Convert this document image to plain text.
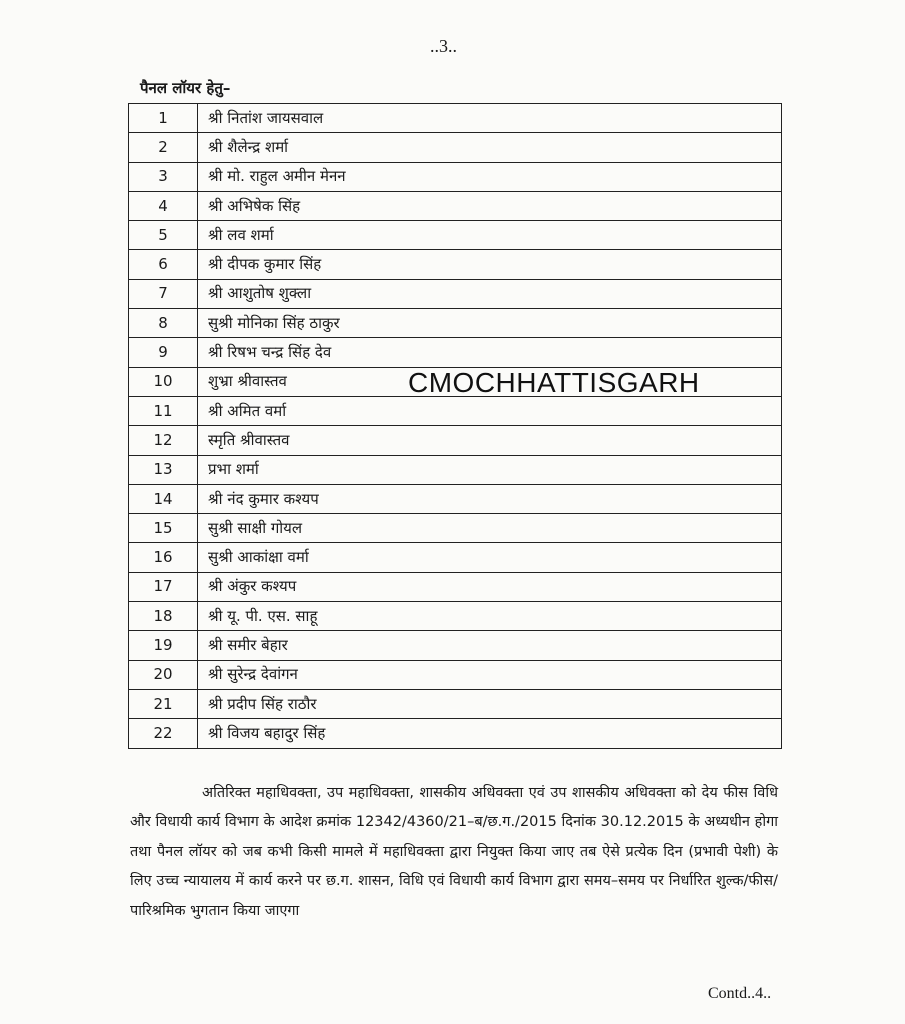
..3..
पैनल लॉयर हेतु–
1	श्री नितांश जायसवाल
2	श्री शैलेन्द्र शर्मा
3	श्री मो. राहुल अमीन मेनन
4	श्री अभिषेक सिंह
5	श्री लव शर्मा
6	श्री दीपक कुमार सिंह
7	श्री आशुतोष शुक्ला
8	सुश्री मोनिका सिंह ठाकुर
9	श्री रिषभ चन्द्र सिंह देव
10	शुभ्रा श्रीवास्तव
11	श्री अमित वर्मा
12	स्मृति श्रीवास्तव
13	प्रभा शर्मा
14	श्री नंद कुमार कश्यप
15	सुश्री साक्षी गोयल
16	सुश्री आकांक्षा वर्मा
17	श्री अंकुर कश्यप
18	श्री यू. पी. एस. साहू
19	श्री समीर बेहार
20	श्री सुरेन्द्र देवांगन
21	श्री प्रदीप सिंह राठौर
22	श्री विजय बहादुर सिंह
CMOCHHATTISGARH

अतिरिक्त महाधिवक्ता, उप महाधिवक्ता, शासकीय अधिवक्ता एवं उप शासकीय अधिवक्ता को देय फीस विधि और विधायी कार्य विभाग के आदेश क्रमांक 12342/4360/21–ब/छ.ग./2015 दिनांक 30.12.2015 के अध्यधीन होगा तथा पैनल लॉयर को जब कभी किसी मामले में महाधिवक्ता द्वारा नियुक्त किया जाए तब ऐसे प्रत्येक दिन (प्रभावी पेशी) के लिए उच्च न्यायालय में कार्य करने पर छ.ग. शासन, विधि एवं विधायी कार्य विभाग द्वारा समय–समय पर निर्धारित शुल्क/फीस/पारिश्रमिक भुगतान किया जाएगा

Contd..4..
